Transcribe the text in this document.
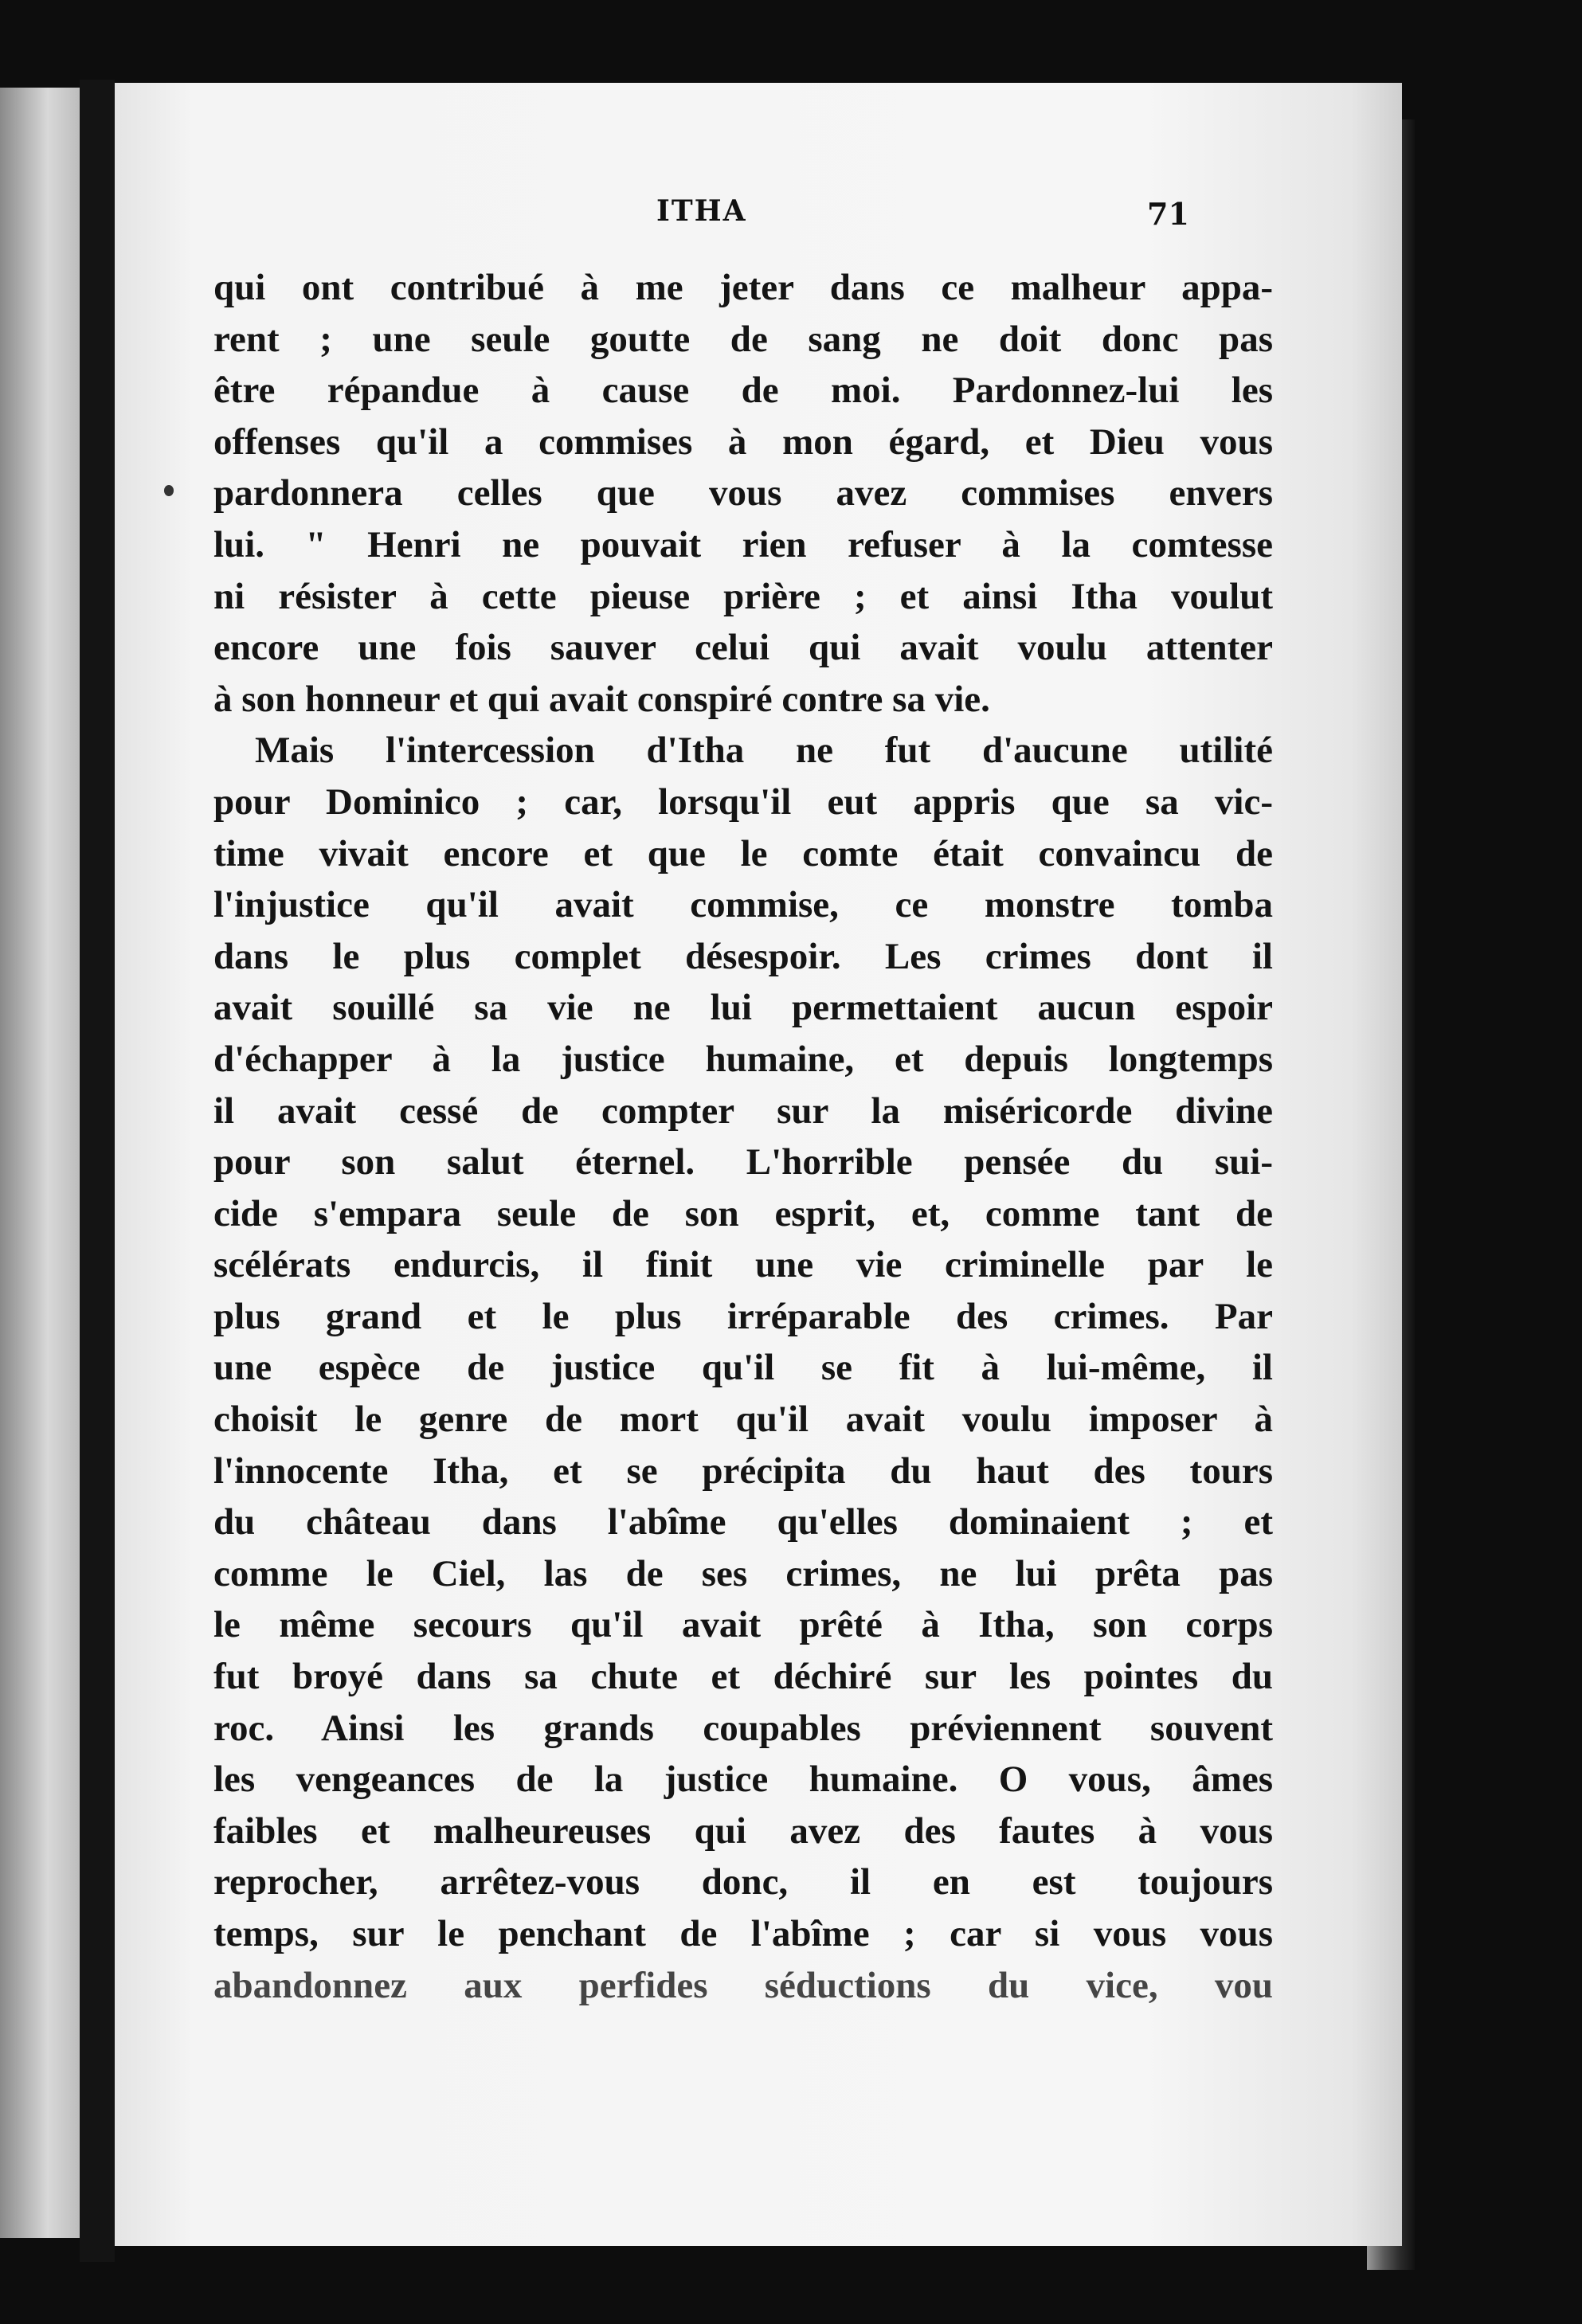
ITHA	71
qui ont contribué à me jeter dans ce malheur appa-
rent ; une seule goutte de sang ne doit donc pas
être répandue à cause de moi. Pardonnez-lui les
offenses qu'il a commises à mon égard, et Dieu vous
pardonnera celles que vous avez commises envers
lui. " Henri ne pouvait rien refuser à la comtesse
ni résister à cette pieuse prière ; et ainsi Itha voulut
encore une fois sauver celui qui avait voulu attenter
à son honneur et qui avait conspiré contre sa vie.
Mais l'intercession d'Itha ne fut d'aucune utilité
pour Dominico ; car, lorsqu'il eut appris que sa vic-
time vivait encore et que le comte était convaincu de
l'injustice qu'il avait commise, ce monstre tomba
dans le plus complet désespoir. Les crimes dont il
avait souillé sa vie ne lui permettaient aucun espoir
d'échapper à la justice humaine, et depuis longtemps
il avait cessé de compter sur la miséricorde divine
pour son salut éternel. L'horrible pensée du sui-
cide s'empara seule de son esprit, et, comme tant de
scélérats endurcis, il finit une vie criminelle par le
plus grand et le plus irréparable des crimes. Par
une espèce de justice qu'il se fit à lui-même, il
choisit le genre de mort qu'il avait voulu imposer à
l'innocente Itha, et se précipita du haut des tours
du château dans l'abîme qu'elles dominaient ; et
comme le Ciel, las de ses crimes, ne lui prêta pas
le même secours qu'il avait prêté à Itha, son corps
fut broyé dans sa chute et déchiré sur les pointes du
roc. Ainsi les grands coupables préviennent souvent
les vengeances de la justice humaine. O vous, âmes
faibles et malheureuses qui avez des fautes à vous
reprocher, arrêtez-vous donc, il en est toujours
temps, sur le penchant de l'abîme ; car si vous vous
abandonnez aux perfides séductions du vice, vou
